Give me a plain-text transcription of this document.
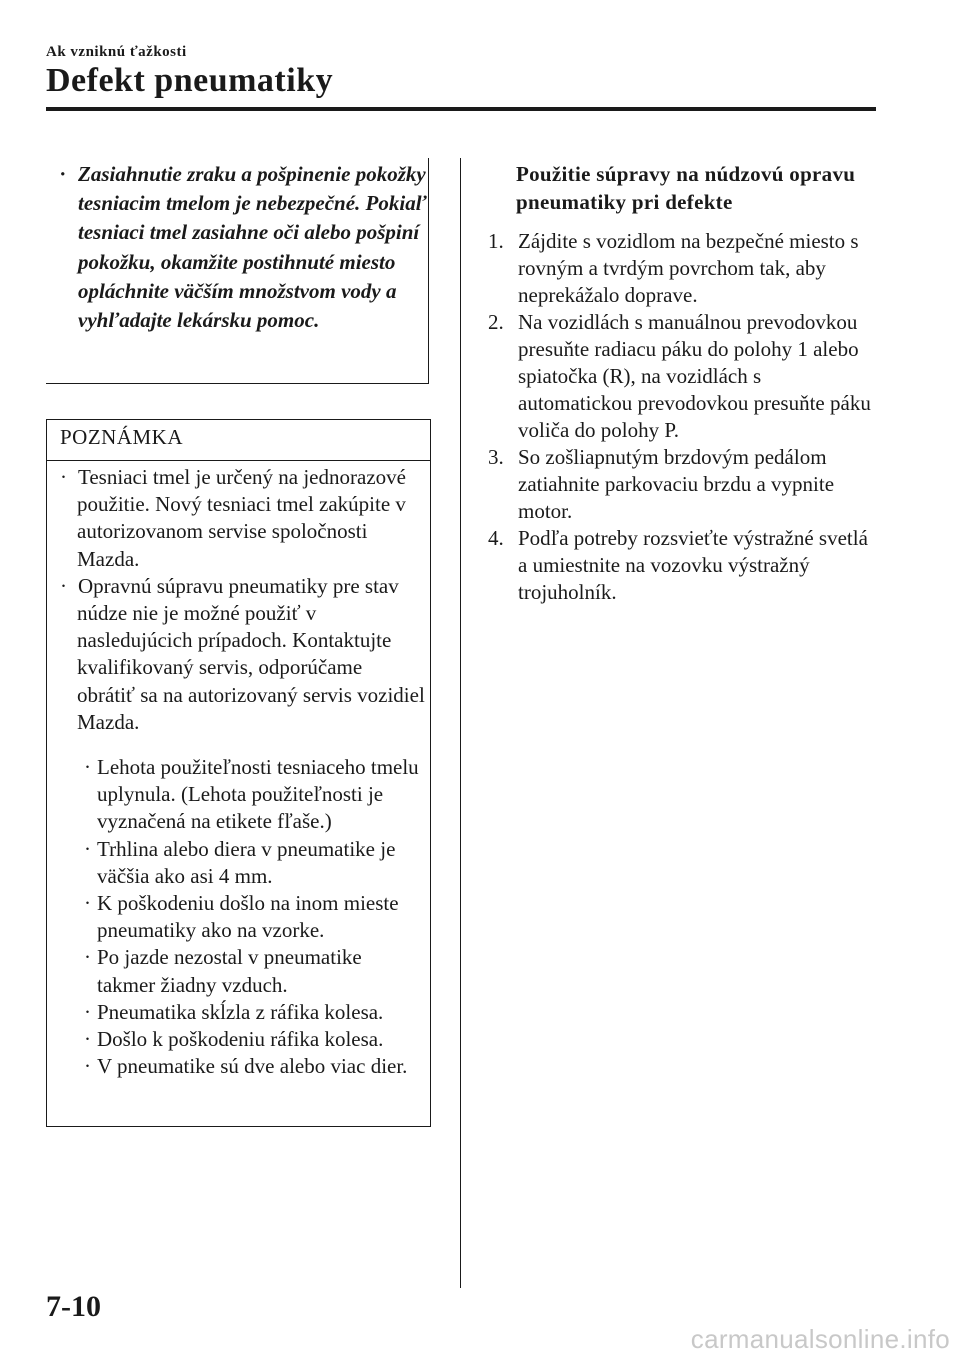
Ak vzniknú ťažkosti
Defekt pneumatiky
· Zasiahnutie zraku a pošpinenie pokožky tesniacim tmelom je nebezpečné. Pokiaľ tesniaci tmel zasiahne oči alebo pošpiní pokožku, okamžite postihnuté miesto opláchnite väčším množstvom vody a vyhľadajte lekársku pomoc.
POZNÁMKA

· Tesniaci tmel je určený na jednorazové použitie. Nový tesniaci tmel zakúpite v autorizovanom servise spoločnosti Mazda.

· Opravnú súpravu pneumatiky pre stav núdze nie je možné použiť v nasledujúcich prípadoch. Kontaktujte kvalifikovaný servis, odporúčame obrátiť sa na autorizovaný servis vozidiel Mazda.

· Lehota použiteľnosti tesniaceho tmelu uplynula. (Lehota použiteľnosti je vyznačená na etikete fľaše.)

· Trhlina alebo diera v pneumatike je väčšia ako asi 4 mm.

· K poškodeniu došlo na inom mieste pneumatiky ako na vzorke.

· Po jazde nezostal v pneumatike takmer žiadny vzduch.

· Pneumatika skĺzla z ráfika kolesa.

· Došlo k poškodeniu ráfika kolesa.

· V pneumatike sú dve alebo viac dier.

Použitie súpravy na núdzovú opravu pneumatiky pri defekte

1. Zájdite s vozidlom na bezpečné miesto s rovným a tvrdým povrchom tak, aby neprekážalo doprave.

2. Na vozidlách s manuálnou prevodovkou presuňte radiacu páku do polohy 1 alebo spiatočka (R), na vozidlách s automatickou prevodovkou presuňte páku voliča do polohy P.

3. So zošliapnutým brzdovým pedálom zatiahnite parkovaciu brzdu a vypnite motor.

4. Podľa potreby rozsvieťte výstražné svetlá a umiestnite na vozovku výstražný trojuholník.

7-10
carmanualsonline.info
